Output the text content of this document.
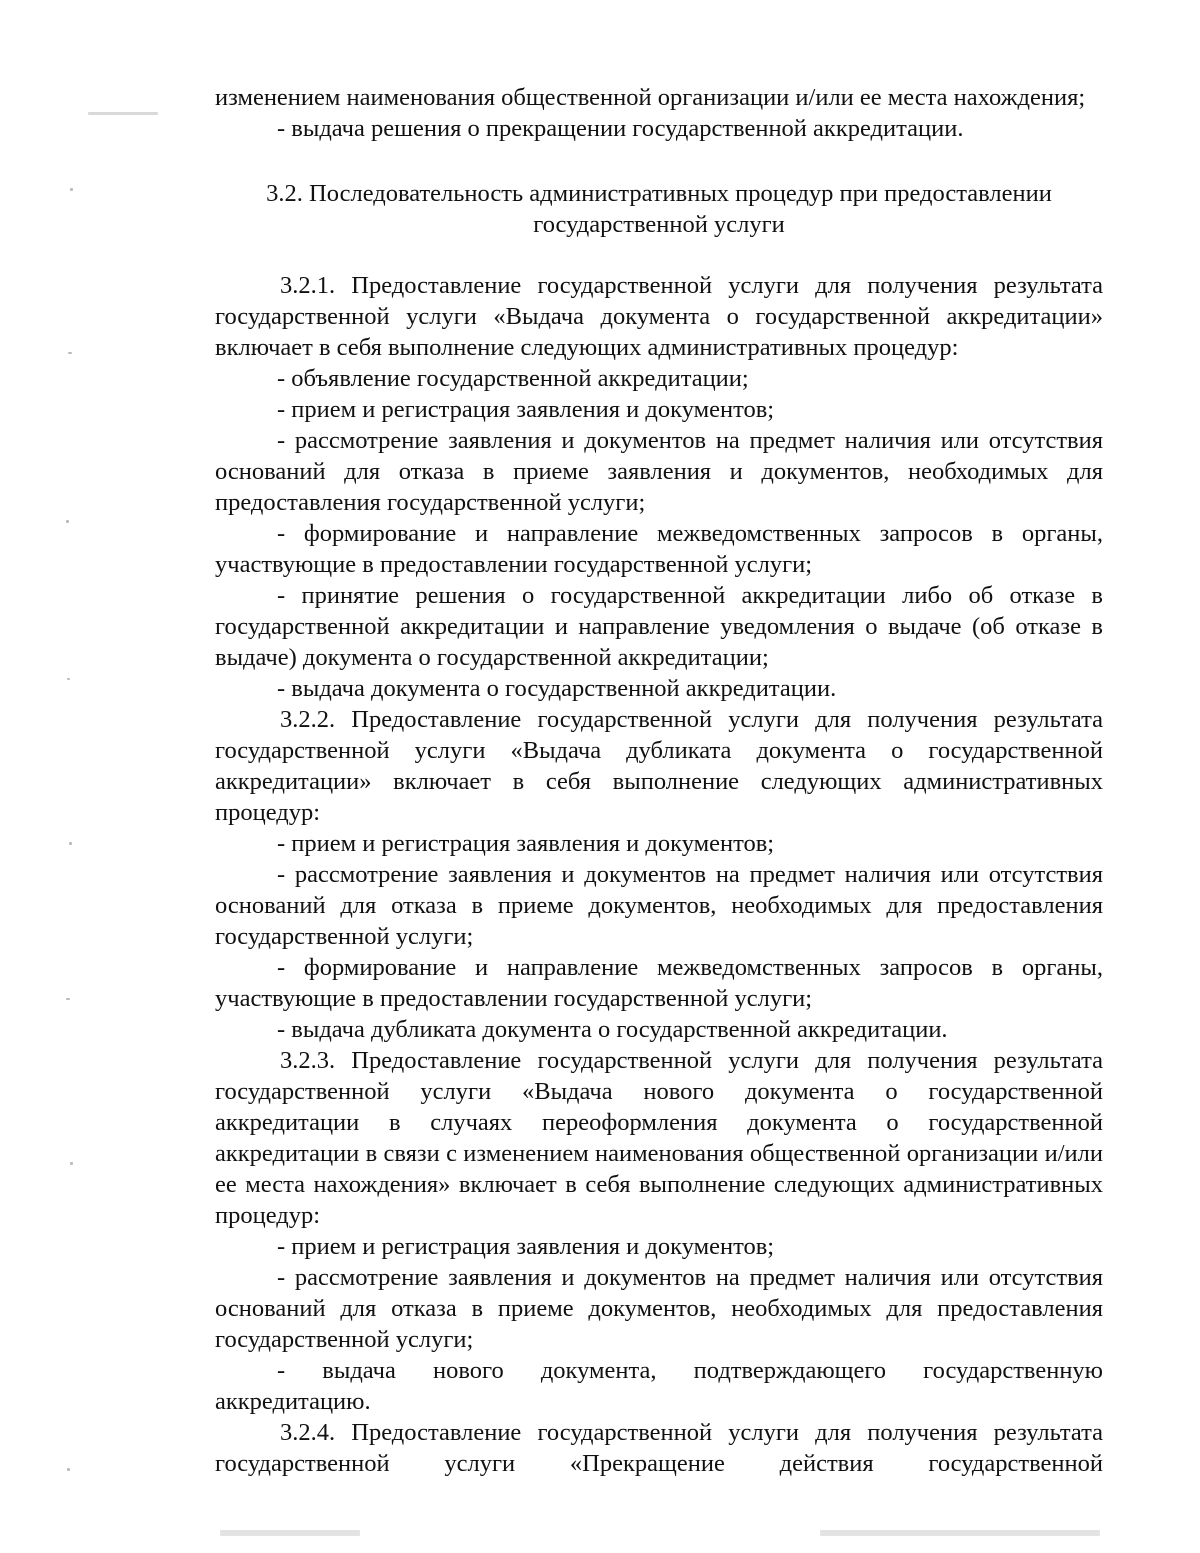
изменением наименования общественной организации и/или ее места нахождения;

- выдача решения о прекращении государственной аккредитации.

3.2. Последовательность административных процедур при предоставлении
государственной услуги

3.2.1. Предоставление государственной услуги для получения результата государственной услуги «Выдача документа о государственной аккредитации» включает в себя выполнение следующих административных процедур:

- объявление государственной аккредитации;

- прием и регистрация заявления и документов;

- рассмотрение заявления и документов на предмет наличия или отсутствия оснований для отказа в приеме заявления и документов, необходимых для предоставления государственной услуги;

- формирование и направление межведомственных запросов в органы, участвующие в предоставлении государственной услуги;

- принятие решения о государственной аккредитации либо об отказе в государственной аккредитации и направление уведомления о выдаче (об отказе в выдаче) документа о государственной аккредитации;

- выдача документа о государственной аккредитации.

3.2.2. Предоставление государственной услуги для получения результата государственной услуги «Выдача дубликата документа о государственной аккредитации» включает в себя выполнение следующих административных процедур:

- прием и регистрация заявления и документов;

- рассмотрение заявления и документов на предмет наличия или отсутствия оснований для отказа в приеме документов, необходимых для предоставления государственной услуги;

- формирование и направление межведомственных запросов в органы, участвующие в предоставлении государственной услуги;

- выдача дубликата документа о государственной аккредитации.

3.2.3. Предоставление государственной услуги для получения результата государственной услуги «Выдача нового документа о государственной аккредитации в случаях переоформления документа о государственной аккредитации в связи с изменением наименования общественной организации и/или ее места нахождения» включает в себя выполнение следующих административных процедур:

- прием и регистрация заявления и документов;

- рассмотрение заявления и документов на предмет наличия или отсутствия оснований для отказа в приеме документов, необходимых для предоставления государственной услуги;

- выдача нового документа, подтверждающего государственную аккредитацию.

3.2.4. Предоставление государственной услуги для получения результата государственной услуги «Прекращение действия государственной
